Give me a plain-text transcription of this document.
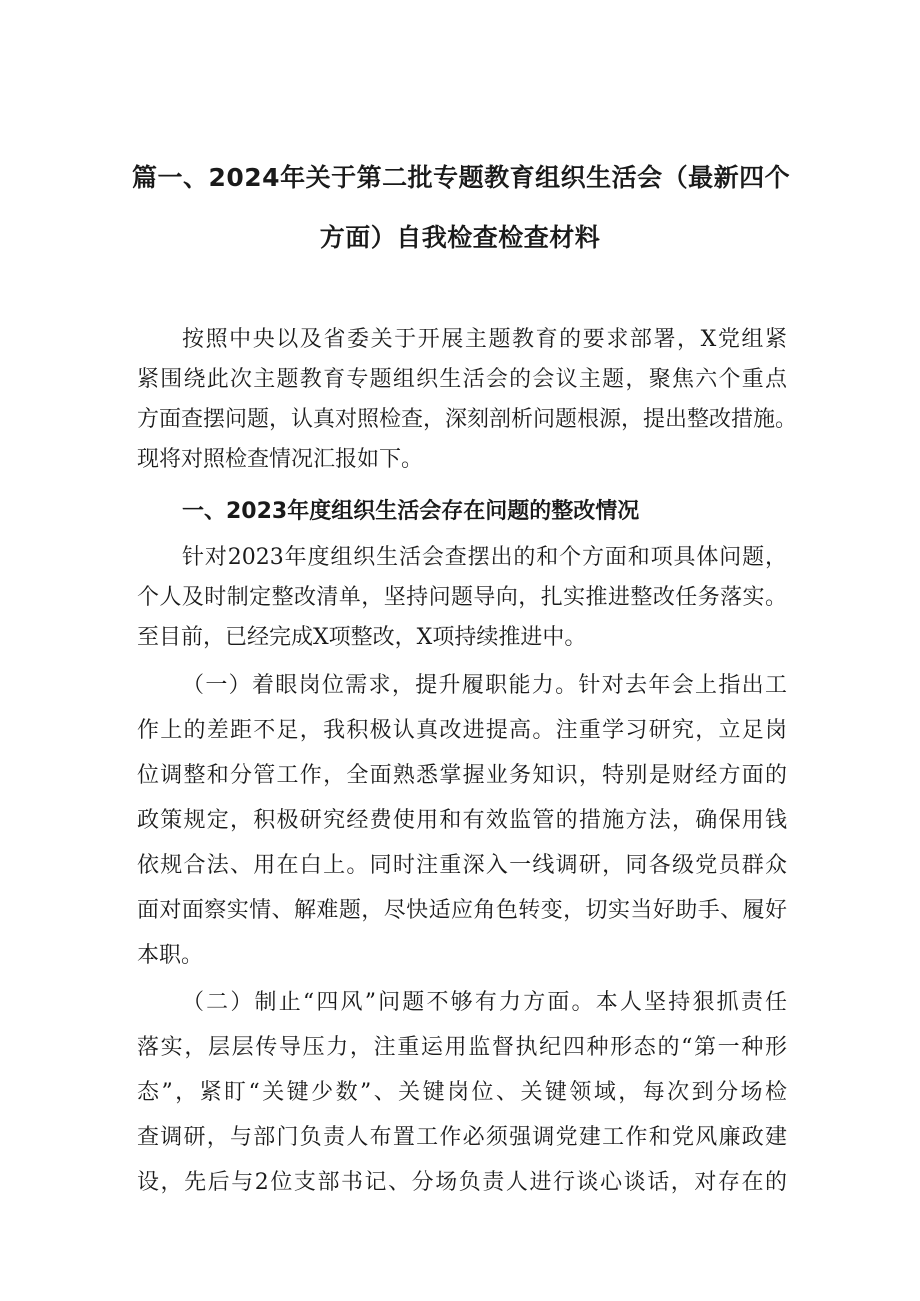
篇一、2024年关于第二批专题教育组织生活会（最新四个
方面）自我检查检查材料
按照中央以及省委关于开展主题教育的要求部署，X党组紧
紧围绕此次主题教育专题组织生活会的会议主题，聚焦六个重点
方面查摆问题，认真对照检查，深刻剖析问题根源，提出整改措施。
现将对照检查情况汇报如下。
一、2023年度组织生活会存在问题的整改情况
针对2023年度组织生活会查摆出的和个方面和项具体问题，
个人及时制定整改清单，坚持问题导向，扎实推进整改任务落实。
至目前，已经完成X项整改，X项持续推进中。
（一）着眼岗位需求，提升履职能力。针对去年会上指出工
作上的差距不足，我积极认真改进提高。注重学习研究，立足岗
位调整和分管工作，全面熟悉掌握业务知识，特别是财经方面的
政策规定，积极研究经费使用和有效监管的措施方法，确保用钱
依规合法、用在白上。同时注重深入一线调研，同各级党员群众
面对面察实情、解难题，尽快适应角色转变，切实当好助手、履好
本职。
（二）制止“四风”问题不够有力方面。本人坚持狠抓责任
落实，层层传导压力，注重运用监督执纪四种形态的“第一种形
态”，紧盯“关键少数”、关键岗位、关键领域，每次到分场检
查调研，与部门负责人布置工作必须强调党建工作和党风廉政建
设，先后与2位支部书记、分场负责人进行谈心谈话，对存在的
